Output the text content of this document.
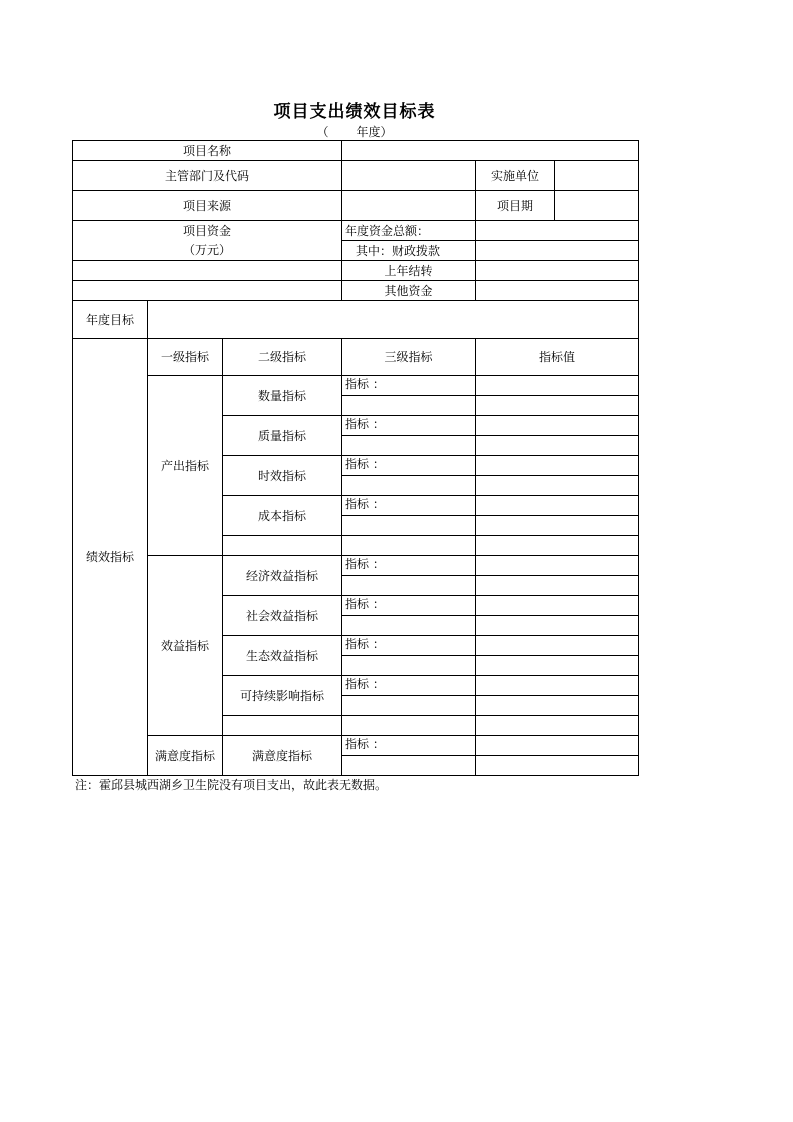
项目支出绩效目标表
（ 年度）
项目名称					
主管部门及代码				实施单位	
项目来源				项目期	

项目资金
（万元）			年度资金总额：		
			其中：财政拨款		
			上年结转		
			其他资金		
年度目标					
绩效指标	一级指标	二级指标	三级指标	指标值	
	产出指标	数量指标	指标 ：		

		质量指标	指标 ：		

		时效指标	指标 ：		

		成本指标	指标 ：		

	效益指标	经济效益指标	指标 ：		

		社会效益指标	指标 ：		

		生态效益指标	指标 ：		

		可持续影响指标	指标 ：		

	满意度指标	满意度指标	指标 ：		

注：霍邱县城西湖乡卫生院没有项目支出，故此表无数据。
